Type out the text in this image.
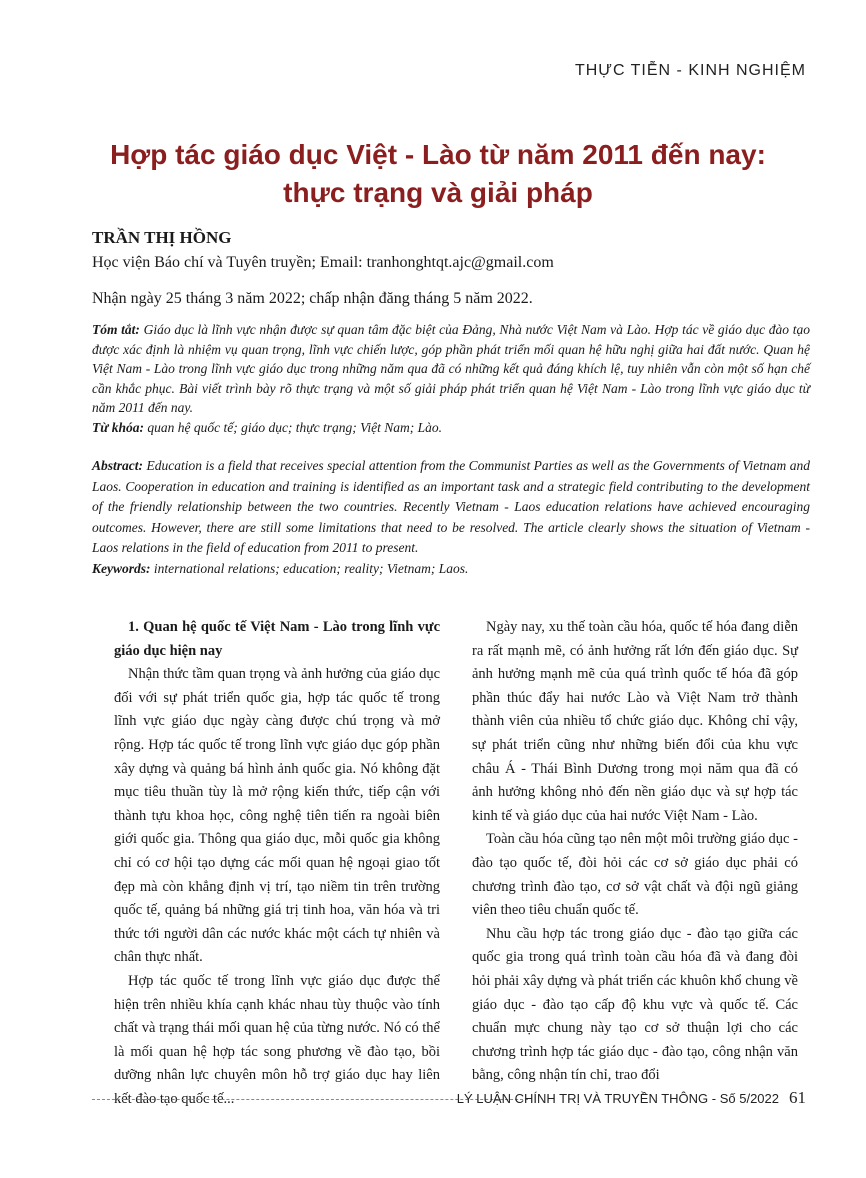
THỰC TIỄN - KINH NGHIỆM
Hợp tác giáo dục Việt - Lào từ năm 2011 đến nay:
thực trạng và giải pháp
TRẦN THỊ HỒNG
Học viện Báo chí và Tuyên truyền; Email: tranhonghtqt.ajc@gmail.com
Nhận ngày 25 tháng 3 năm 2022; chấp nhận đăng tháng 5 năm 2022.
Tóm tắt: Giáo dục là lĩnh vực nhận được sự quan tâm đặc biệt của Đảng, Nhà nước Việt Nam và Lào. Hợp tác về giáo dục đào tạo được xác định là nhiệm vụ quan trọng, lĩnh vực chiến lược, góp phần phát triển mối quan hệ hữu nghị giữa hai đất nước. Quan hệ Việt Nam - Lào trong lĩnh vực giáo dục trong những năm qua đã có những kết quả đáng khích lệ, tuy nhiên vẫn còn một số hạn chế cần khắc phục. Bài viết trình bày rõ thực trạng và một số giải pháp phát triển quan hệ Việt Nam - Lào trong lĩnh vực giáo dục từ năm 2011 đến nay.
Từ khóa: quan hệ quốc tế; giáo dục; thực trạng; Việt Nam; Lào.
Abstract: Education is a field that receives special attention from the Communist Parties as well as the Governments of Vietnam and Laos. Cooperation in education and training is identified as an important task and a strategic field contributing to the development of the friendly relationship between the two countries. Recently Vietnam - Laos education relations have achieved encouraging outcomes. However, there are still some limitations that need to be resolved. The article clearly shows the situation of Vietnam - Laos relations in the field of education from 2011 to present.
Keywords: international relations; education; reality; Vietnam; Laos.

1. Quan hệ quốc tế Việt Nam - Lào trong lĩnh vực giáo dục hiện nay

Nhận thức tầm quan trọng và ảnh hưởng của giáo dục đối với sự phát triển quốc gia, hợp tác quốc tế trong lĩnh vực giáo dục ngày càng được chú trọng và mở rộng. Hợp tác quốc tế trong lĩnh vực giáo dục góp phần xây dựng và quảng bá hình ảnh quốc gia. Nó không đặt mục tiêu thuần tùy là mở rộng kiến thức, tiếp cận với thành tựu khoa học, công nghệ tiên tiến ra ngoài biên giới quốc gia. Thông qua giáo dục, mỗi quốc gia không chỉ có cơ hội tạo dựng các mối quan hệ ngoại giao tốt đẹp mà còn khẳng định vị trí, tạo niềm tin trên trường quốc tế, quảng bá những giá trị tinh hoa, văn hóa và tri thức tới người dân các nước khác một cách tự nhiên và chân thực nhất.

Hợp tác quốc tế trong lĩnh vực giáo dục được thể hiện trên nhiều khía cạnh khác nhau tùy thuộc vào tính chất và trạng thái mối quan hệ của từng nước. Nó có thể là mối quan hệ hợp tác song phương về đào tạo, bồi dưỡng nhân lực chuyên môn hỗ trợ giáo dục hay liên kết đào tạo quốc tế...

Ngày nay, xu thế toàn cầu hóa, quốc tế hóa đang diễn ra rất mạnh mẽ, có ảnh hưởng rất lớn đến giáo dục. Sự ảnh hưởng mạnh mẽ của quá trình quốc tế hóa đã góp phần thúc đẩy hai nước Lào và Việt Nam trở thành thành viên của nhiều tổ chức giáo dục. Không chỉ vậy, sự phát triển cũng như những biến đổi của khu vực châu Á - Thái Bình Dương trong mọi năm qua đã có ảnh hưởng không nhỏ đến nền giáo dục và sự hợp tác kinh tế và giáo dục của hai nước Việt Nam - Lào.

Toàn cầu hóa cũng tạo nên một môi trường giáo dục - đào tạo quốc tế, đòi hỏi các cơ sở giáo dục phải có chương trình đào tạo, cơ sở vật chất và đội ngũ giảng viên theo tiêu chuẩn quốc tế.

Nhu cầu hợp tác trong giáo dục - đào tạo giữa các quốc gia trong quá trình toàn cầu hóa đã và đang đòi hỏi phải xây dựng và phát triển các khuôn khổ chung về giáo dục - đào tạo cấp độ khu vực và quốc tế. Các chuẩn mực chung này tạo cơ sở thuận lợi cho các chương trình hợp tác giáo dục - đào tạo, công nhận văn bằng, công nhận tín chỉ, trao đổi

LÝ LUẬN CHÍNH TRỊ VÀ TRUYỀN THÔNG - Số 5/2022 61
